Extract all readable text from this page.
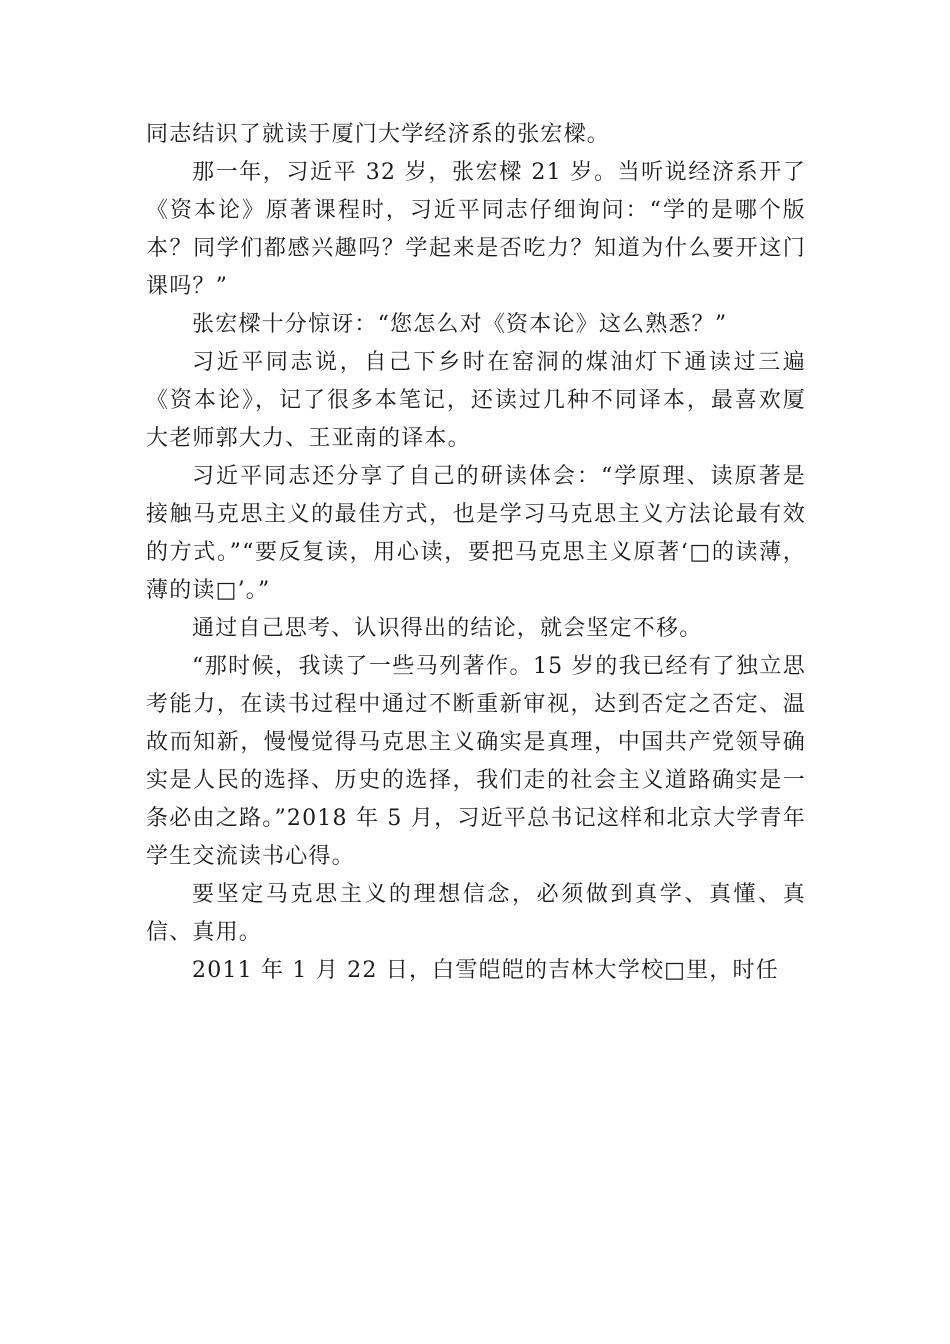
同志结识了就读于厦门大学经济系的张宏樑。

那一年，习近平 32 岁，张宏樑 21 岁。当听说经济系开了《资本论》原著课程时，习近平同志仔细询问：“学的是哪个版本？同学们都感兴趣吗？学起来是否吃力？知道为什么要开这门课吗？”

张宏樑十分惊讶：“您怎么对《资本论》这么熟悉？”

习近平同志说，自己下乡时在窑洞的煤油灯下通读过三遍《资本论》，记了很多本笔记，还读过几种不同译本，最喜欢厦大老师郭大力、王亚南的译本。

习近平同志还分享了自己的研读体会：“学原理、读原著是接触马克思主义的最佳方式，也是学习马克思主义方法论最有效的方式。”“要反复读，用心读，要把马克思主义原著‘□的读薄，薄的读□’。”

通过自己思考、认识得出的结论，就会坚定不移。

“那时候，我读了一些马列著作。15 岁的我已经有了独立思考能力，在读书过程中通过不断重新审视，达到否定之否定、温故而知新，慢慢觉得马克思主义确实是真理，中国共产党领导确实是人民的选择、历史的选择，我们走的社会主义道路确实是一条必由之路。”2018 年 5 月，习近平总书记这样和北京大学青年学生交流读书心得。

要坚定马克思主义的理想信念，必须做到真学、真懂、真信、真用。

2011 年 1 月 22 日，白雪皑皑的吉林大学校□里，时任
